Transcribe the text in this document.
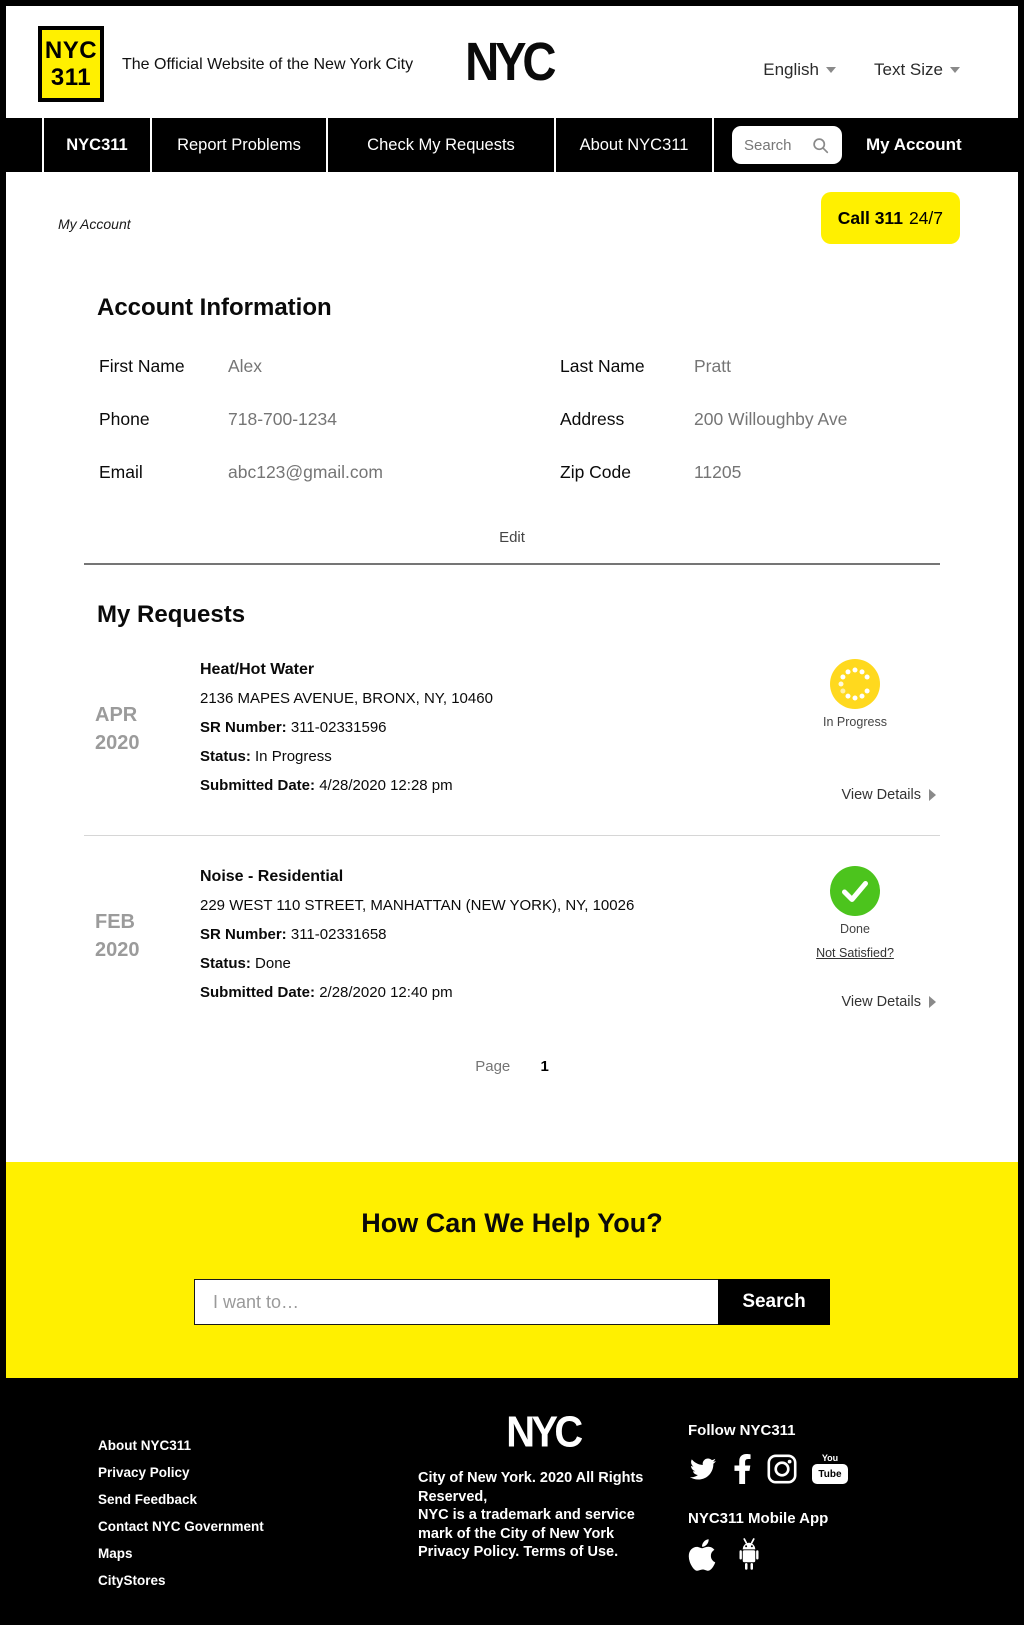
NYC
311 The Official Website of the New York City NYC	English	Text Size
NYC311	Report Problems	Check My Requests	About NYC311
Search	My Account
My Account	Call 311 24/7
Account Information
First Name	Alex	Last Name	Pratt
Phone	718-700-1234	Address	200 Willoughby Ave
Email	abc123@gmail.com	Zip Code	11205
Edit
My Requests
APR
2020
Heat/Hot Water
2136 MAPES AVENUE, BRONX, NY, 10460
SR Number: 311-02331596
Status: In Progress
Submitted Date: 4/28/2020 12:28 pm
In Progress
View Details
FEB
2020
Noise - Residential
229 WEST 110 STREET, MANHATTAN (NEW YORK), NY, 10026
SR Number: 311-02331658
Status: Done
Submitted Date: 2/28/2020 12:40 pm
Done
Not Satisfied?
View Details
Page 1
How Can We Help You?
I want to…
Search
About NYC311
Privacy Policy
Send Feedback
Contact NYC Government
Maps
CityStores
NYC
City of New York. 2020 All Rights Reserved,
NYC is a trademark and service mark of the City of New York
Privacy Policy. Terms of Use.
Follow NYC311
You
Tube
NYC311 Mobile App
